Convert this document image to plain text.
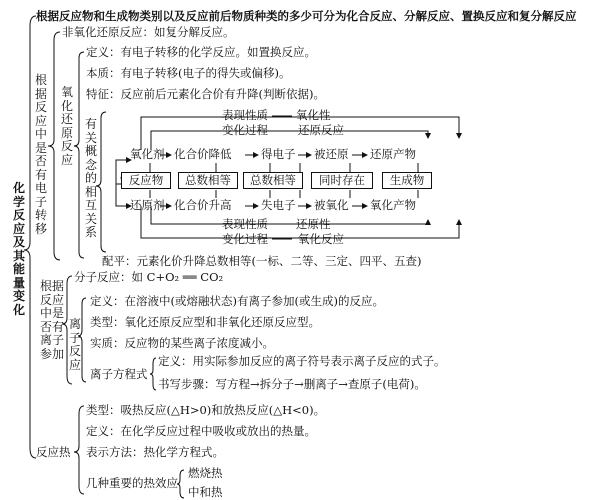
化学反应及其能量变化
根据反应物和生成物类别以及反应前后物质种类的多少可分为化合反应、分解反应、置换反应和复分解反应
根据反应中是否有电子转移
非氧化还原反应：如复分解反应。
氧化还原反应
定义：有电子转移的化学反应。如置换反应。
本质：有电子转移(电子的得失或偏移)。
特征：反应前后元素化合价有升降(判断依据)。
有关概念的相互关系
表现性质 氧化性
变化过程	还原反应
氧化剂 化合价降低	得电子 被还原 还原产物
反应物	总数相等	总数相等	同时存在	生成物
还原剂 化合价升高	失电子 被氧化 氧化产物
表现性质 还原性
变化过程	氧化反应
配平：元素化价升降总数相等(一标、二等、三定、四平、五查)
根据反应中是否有离子参加
分子反应：如 C+O₂ ══ CO₂
离子反应
定义：在溶液中(或熔融状态)有离子参加(或生成)的反应。
类型：氧化还原反应型和非氧化还原反应型。
实质：反应物的某些离子浓度减小。
离子方程式
定义：用实际参加反应的离子符号表示离子反应的式子。
书写步骤：写方程→拆分子→删离子→查原子(电荷)。
反应热
类型：吸热反应(△H>0)和放热反应(△H<0)。
定义：在化学反应过程中吸收或放出的热量。
表示方法：热化学方程式。
几种重要的热效应
燃烧热
中和热
